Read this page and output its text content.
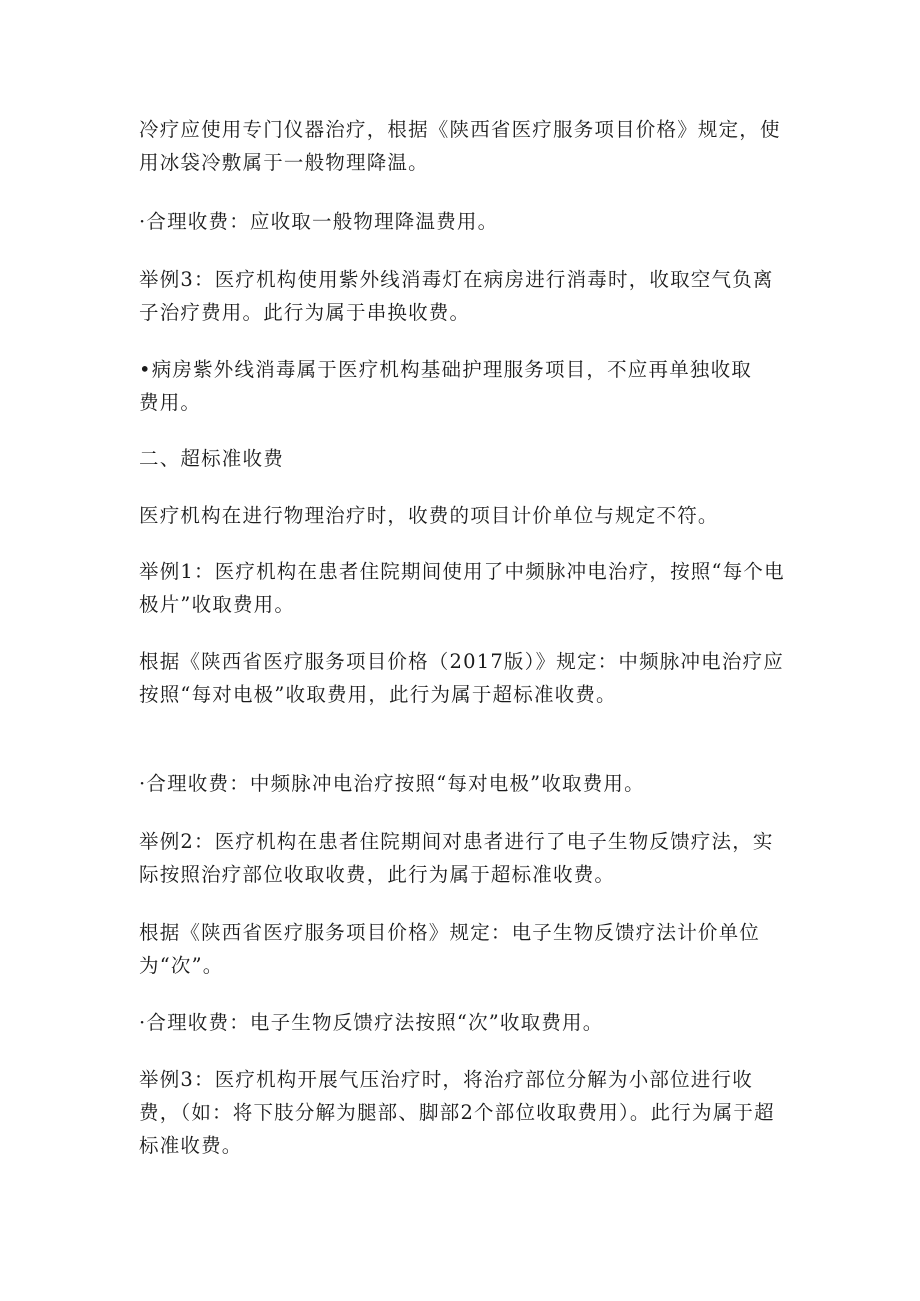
冷疗应使用专门仪器治疗，根据《陕西省医疗服务项目价格》规定，使用冰袋冷敷属于一般物理降温。

·合理收费：应收取一般物理降温费用。

举例3：医疗机构使用紫外线消毒灯在病房进行消毒时，收取空气负离子治疗费用。此行为属于串换收费。

•病房紫外线消毒属于医疗机构基础护理服务项目，不应再单独收取费用。

二、超标准收费

医疗机构在进行物理治疗时，收费的项目计价单位与规定不符。

举例1：医疗机构在患者住院期间使用了中频脉冲电治疗，按照“每个电极片”收取费用。

根据《陕西省医疗服务项目价格（2017版）》规定：中频脉冲电治疗应按照“每对电极”收取费用，此行为属于超标准收费。

·合理收费：中频脉冲电治疗按照“每对电极”收取费用。

举例2：医疗机构在患者住院期间对患者进行了电子生物反馈疗法，实际按照治疗部位收取收费，此行为属于超标准收费。

根据《陕西省医疗服务项目价格》规定：电子生物反馈疗法计价单位为“次”。

·合理收费：电子生物反馈疗法按照“次”收取费用。

举例3：医疗机构开展气压治疗时，将治疗部位分解为小部位进行收费，（如：将下肢分解为腿部、脚部2个部位收取费用）。此行为属于超标准收费。
